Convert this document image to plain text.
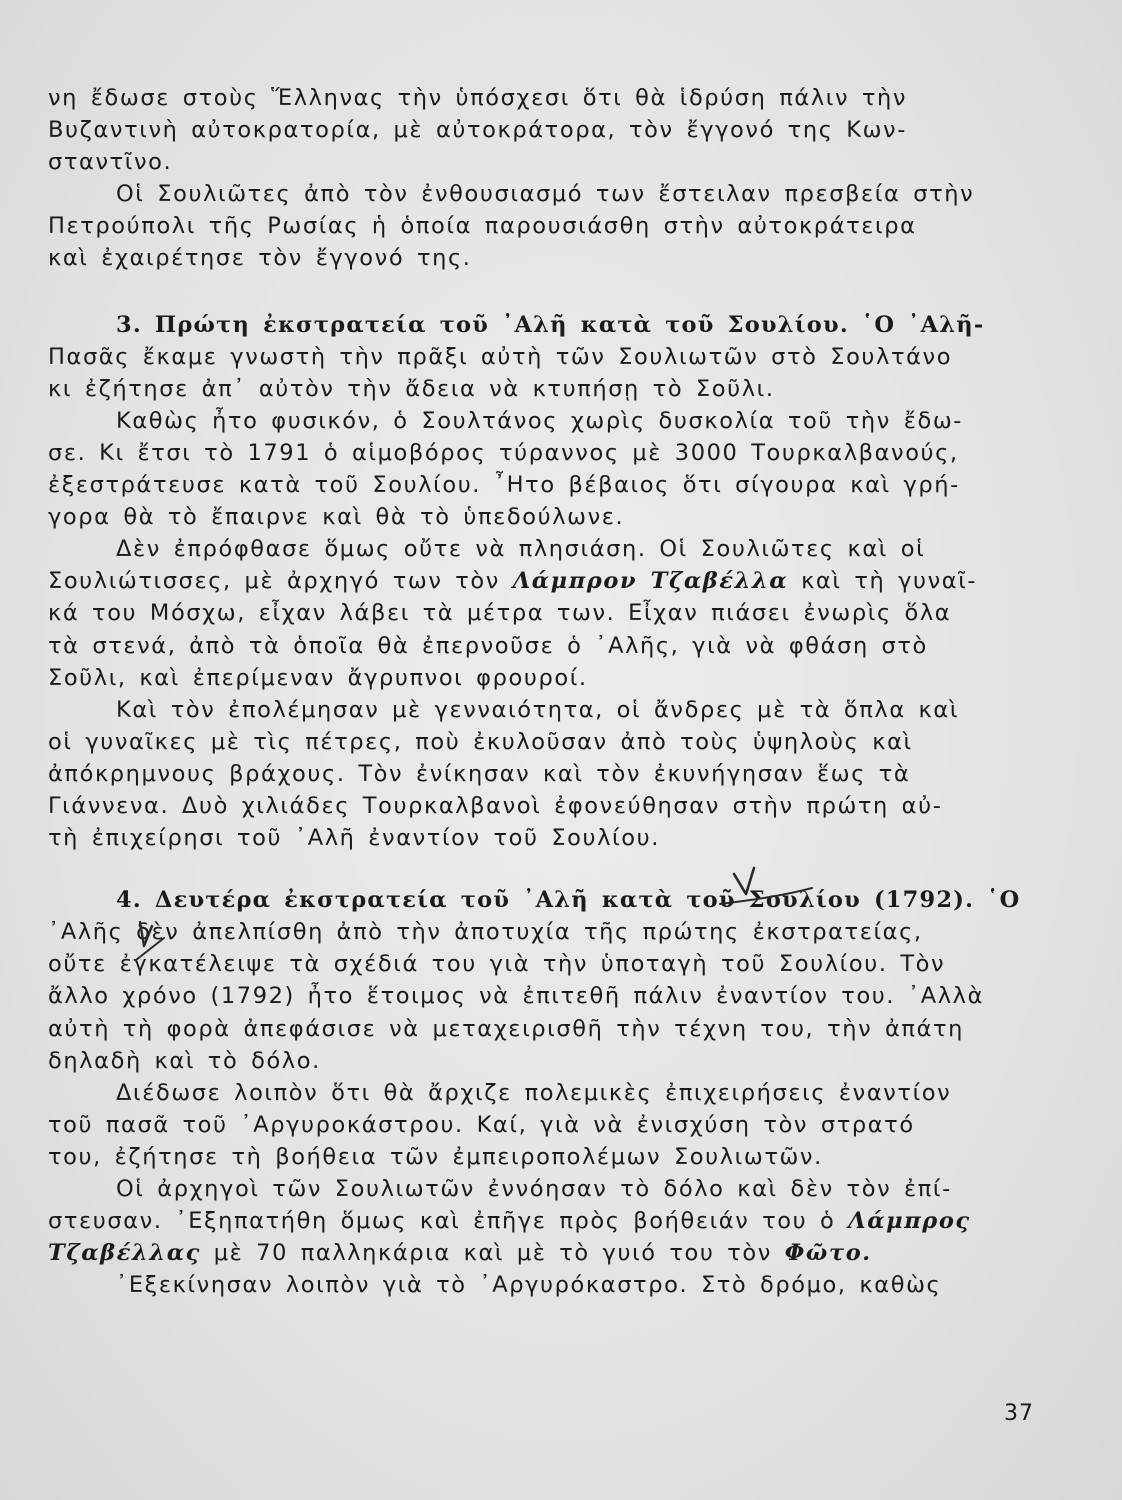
νη ἔδωσε στοὺς Ἕλληνας τὴν ὑπόσχεσι ὅτι θὰ ἱδρύση πάλιν τὴν
Βυζαντινὴ αὐτοκρατορία, μὲ αὐτοκράτορα, τὸν ἔγγονό της Κων-
σταντῖνο.
Οἱ Σουλιῶτες ἀπὸ τὸν ἐνθουσιασμό των ἔστειλαν πρεσβεία στὴν
Πετρούπολι τῆς Ρωσίας ἡ ὁποία παρουσιάσθη στὴν αὐτοκράτειρα
καὶ ἐχαιρέτησε τὸν ἔγγονό της.
3. Πρώτη ἐκστρατεία τοῦ ᾿Αλῆ κατὰ τοῦ Σουλίου. ῾Ο ᾿Αλῆ-
Πασᾶς ἔκαμε γνωστὴ τὴν πρᾶξι αὐτὴ τῶν Σουλιωτῶν στὸ Σουλτάνο
κι ἐζήτησε ἀπ᾿ αὐτὸν τὴν ἄδεια νὰ κτυπήσῃ τὸ Σοῦλι.
Καθὼς ἦτο φυσικόν, ὁ Σουλτάνος χωρὶς δυσκολία τοῦ τὴν ἔδω-
σε. Κι ἔτσι τὸ 1791 ὁ αἱμοβόρος τύραννος μὲ 3000 Τουρκαλβανούς,
ἐξεστράτευσε κατὰ τοῦ Σουλίου. ῏Ητο βέβαιος ὅτι σίγουρα καὶ γρή-
γορα θὰ τὸ ἔπαιρνε καὶ θὰ τὸ ὑπεδούλωνε.
Δὲν ἐπρόφθασε ὅμως οὔτε νὰ πλησιάση. Οἱ Σουλιῶτες καὶ οἱ
Σουλιώτισσες, μὲ ἀρχηγό των τὸν Λάμπρον Τζαβέλλα καὶ τὴ γυναῖ-
κά του Μόσχω, εἶχαν λάβει τὰ μέτρα των. Εἶχαν πιάσει ἐνωρὶς ὅλα
τὰ στενά, ἀπὸ τὰ ὁποῖα θὰ ἐπερνοῦσε ὁ ᾿Αλῆς, γιὰ νὰ φθάση στὸ
Σοῦλι, καὶ ἐπερίμεναν ἄγρυπνοι φρουροί.
Καὶ τὸν ἐπολέμησαν μὲ γενναιότητα, οἱ ἄνδρες μὲ τὰ ὅπλα καὶ
οἱ γυναῖκες μὲ τὶς πέτρες, ποὺ ἐκυλοῦσαν ἀπὸ τοὺς ὑψηλοὺς καὶ
ἀπόκρημνους βράχους. Τὸν ἐνίκησαν καὶ τὸν ἐκυνήγησαν ἕως τὰ
Γιάννενα. Δυὸ χιλιάδες Τουρκαλβανοὶ ἐφονεύθησαν στὴν πρώτη αὐ-
τὴ ἐπιχείρησι τοῦ ᾿Αλῆ ἐναντίον τοῦ Σουλίου.
4. Δευτέρα ἐκστρατεία τοῦ ᾿Αλῆ κατὰ τοῦ Σουλίου (1792). ῾Ο
᾿Αλῆς δὲν ἀπελπίσθη ἀπὸ τὴν ἀποτυχία τῆς πρώτης ἐκστρατείας,
οὔτε ἐγκατέλειψε τὰ σχέδιά του γιὰ τὴν ὑποταγὴ τοῦ Σουλίου. Τὸν
ἄλλο χρόνο (1792) ἦτο ἕτοιμος νὰ ἐπιτεθῆ πάλιν ἐναντίον του. ᾿Αλλὰ
αὐτὴ τὴ φορὰ ἀπεφάσισε νὰ μεταχειρισθῆ τὴν τέχνη του, τὴν ἀπάτη
δηλαδὴ καὶ τὸ δόλο.
Διέδωσε λοιπὸν ὅτι θὰ ἄρχιζε πολεμικὲς ἐπιχειρήσεις ἐναντίον
τοῦ πασᾶ τοῦ ᾿Αργυροκάστρου. Καί, γιὰ νὰ ἐνισχύση τὸν στρατό
του, ἐζήτησε τὴ βοήθεια τῶν ἐμπειροπολέμων Σουλιωτῶν.
Οἱ ἀρχηγοὶ τῶν Σουλιωτῶν ἐννόησαν τὸ δόλο καὶ δὲν τὸν ἐπί-
στευσαν. ᾿Εξηπατήθη ὅμως καὶ ἐπῆγε πρὸς βοήθειάν του ὁ Λάμπρος
Τζαβέλλας μὲ 70 παλληκάρια καὶ μὲ τὸ γυιό του τὸν Φῶτο.
᾿Εξεκίνησαν λοιπὸν γιὰ τὸ ᾿Αργυρόκαστρο. Στὸ δρόμο, καθὼς
37
